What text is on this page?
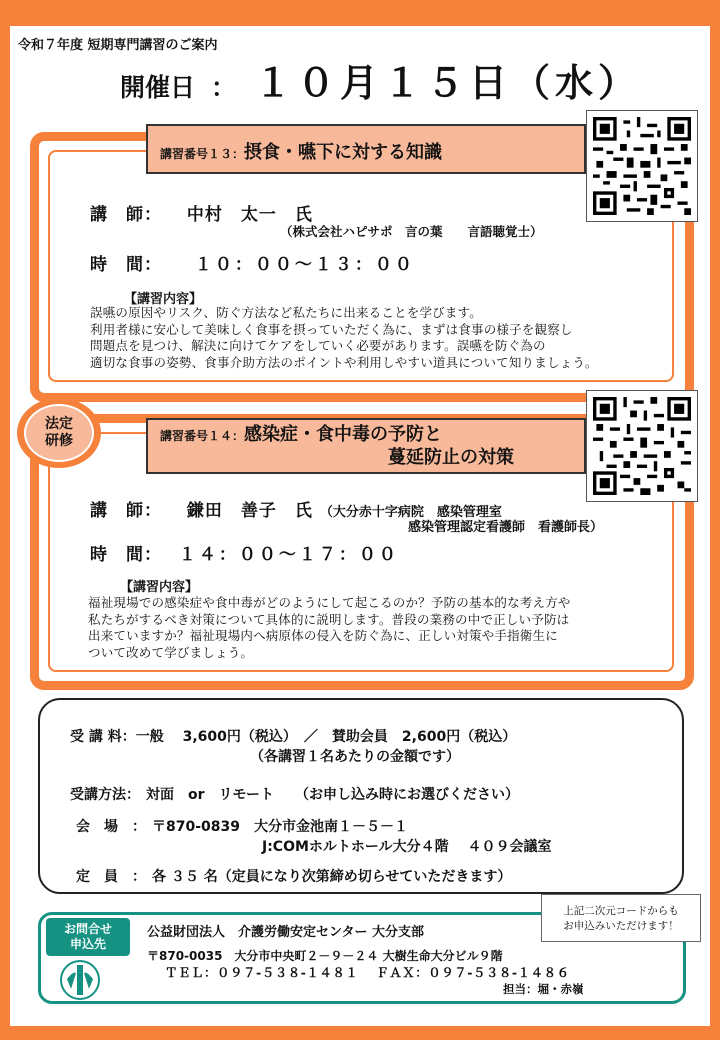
令和７年度 短期専門講習のご案内
開催日 ： １０月１５日（水）
講習番号１３：摂食・嚥下に対する知識
講　師： 中村　太一　氏
（株式会社ハピサポ　言の葉　　言語聴覚士）
時　間： １０：００～１３：００
【講習内容】
誤嚥の原因やリスク、防ぐ方法など私たちに出来ることを学びます。
利用者様に安心して美味しく食事を摂っていただく為に、まずは食事の様子を観察し
問題点を見つけ、解決に向けてケアをしていく必要があります。誤嚥を防ぐ為の
適切な食事の姿勢、食事介助方法のポイントや利用しやすい道具について知りましょう。
講習番号１４：感染症・食中毒の予防と
蔓延防止の対策
法定
研修
講　師： 鎌田　善子　氏 （大分赤十字病院　感染管理室
感染管理認定看護師　看護師長）
時　間： １４：００～１７：００
【講習内容】
福祉現場での感染症や食中毒がどのようにして起こるのか？予防の基本的な考え方や
私たちがするべき対策について具体的に説明します。普段の業務の中で正しい予防は
出来ていますか？福祉現場内へ病原体の侵入を防ぐ為に、正しい対策や手指衛生に
ついて改めて学びましょう。
受 講 料：一般　 3,600円（税込）　／　賛助会員　2,600円（税込）
（各講習１名あたりの金額です）
受講方法： 対面　or　リモート　　（お申し込み時にお選びください）
会　場　： 〒870-0839　大分市金池南１－５－１
J:COMホルトホール大分４階　 ４０９会議室
定　員　： 各 ３５ 名（定員になり次第締め切らせていただきます）
公益財団法人　介護労働安定センター 大分支部
〒870-0035　大分市中央町２－９－２４ 大樹生命大分ビル９階
ＴＥＬ：０９７-５３８-１４８１　 ＦＡＸ：０９７-５３８-１４８６
担当：堀・赤嶺
お問合せ
申込先
上記二次元コードからも
お申込みいただけます！
